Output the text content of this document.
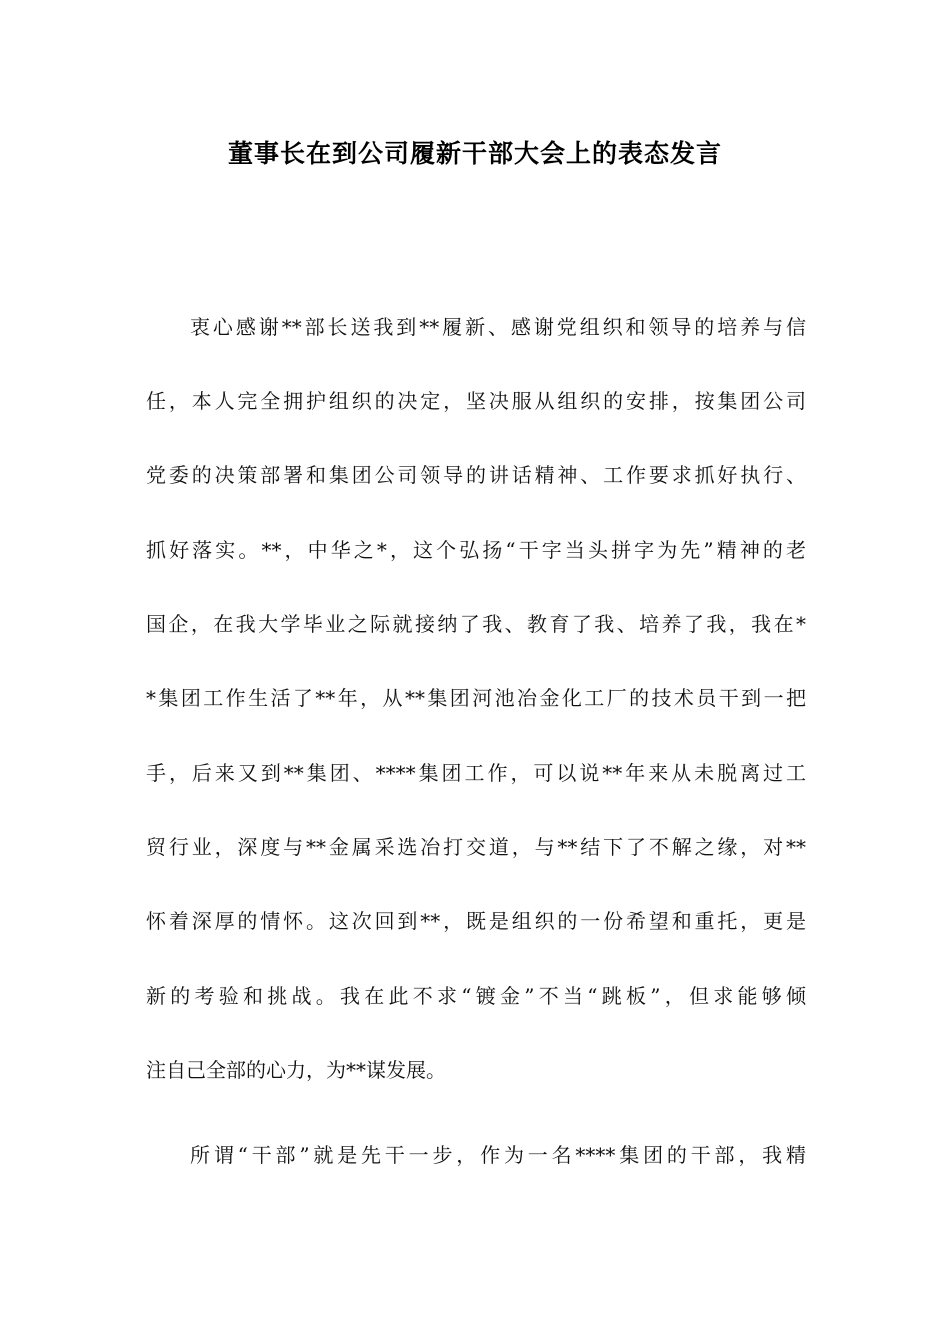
董事长在到公司履新干部大会上的表态发言
衷心感谢**部长送我到**履新、感谢党组织和领导的培养与信
任，本人完全拥护组织的决定，坚决服从组织的安排，按集团公司
党委的决策部署和集团公司领导的讲话精神、工作要求抓好执行、
抓好落实。**，中华之*，这个弘扬“干字当头拼字为先”精神的老
国企，在我大学毕业之际就接纳了我、教育了我、培养了我，我在*
*集团工作生活了**年，从**集团河池冶金化工厂的技术员干到一把
手，后来又到**集团、****集团工作，可以说**年来从未脱离过工
贸行业，深度与**金属采选冶打交道，与**结下了不解之缘，对**
怀着深厚的情怀。这次回到**，既是组织的一份希望和重托，更是
新的考验和挑战。我在此不求“镀金”不当“跳板”，但求能够倾
注自己全部的心力，为**谋发展。
所谓“干部”就是先干一步，作为一名****集团的干部，我精
